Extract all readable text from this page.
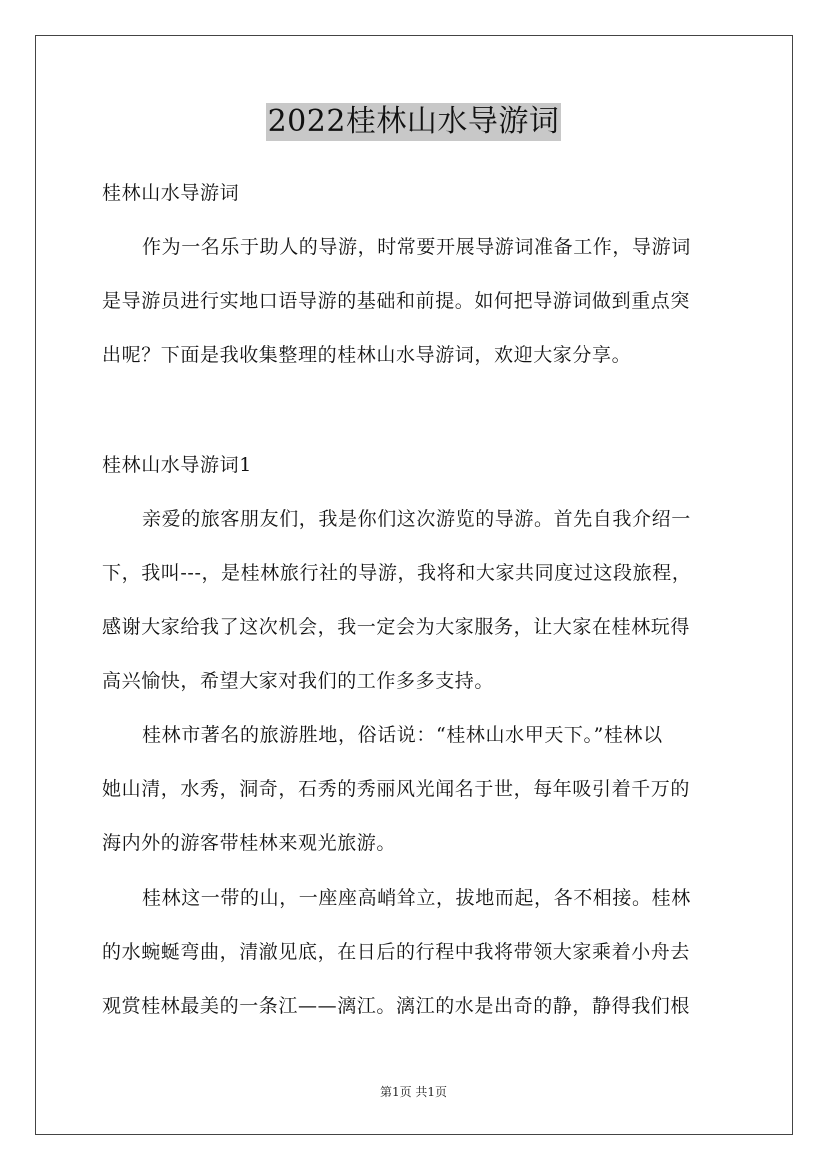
2022桂林山水导游词
桂林山水导游词
作为一名乐于助人的导游，时常要开展导游词准备工作，导游词
是导游员进行实地口语导游的基础和前提。如何把导游词做到重点突
出呢？下面是我收集整理的桂林山水导游词，欢迎大家分享。
桂林山水导游词1
亲爱的旅客朋友们，我是你们这次游览的导游。首先自我介绍一
下，我叫---，是桂林旅行社的导游，我将和大家共同度过这段旅程，
感谢大家给我了这次机会，我一定会为大家服务，让大家在桂林玩得
高兴愉快，希望大家对我们的工作多多支持。
桂林市著名的旅游胜地，俗话说：“桂林山水甲天下。”桂林以
她山清，水秀，洞奇，石秀的秀丽风光闻名于世，每年吸引着千万的
海内外的游客带桂林来观光旅游。
桂林这一带的山，一座座高峭耸立，拔地而起，各不相接。桂林
的水蜿蜒弯曲，清澈见底，在日后的行程中我将带领大家乘着小舟去
观赏桂林最美的一条江——漓江。漓江的水是出奇的静，静得我们根
第1页 共1页
